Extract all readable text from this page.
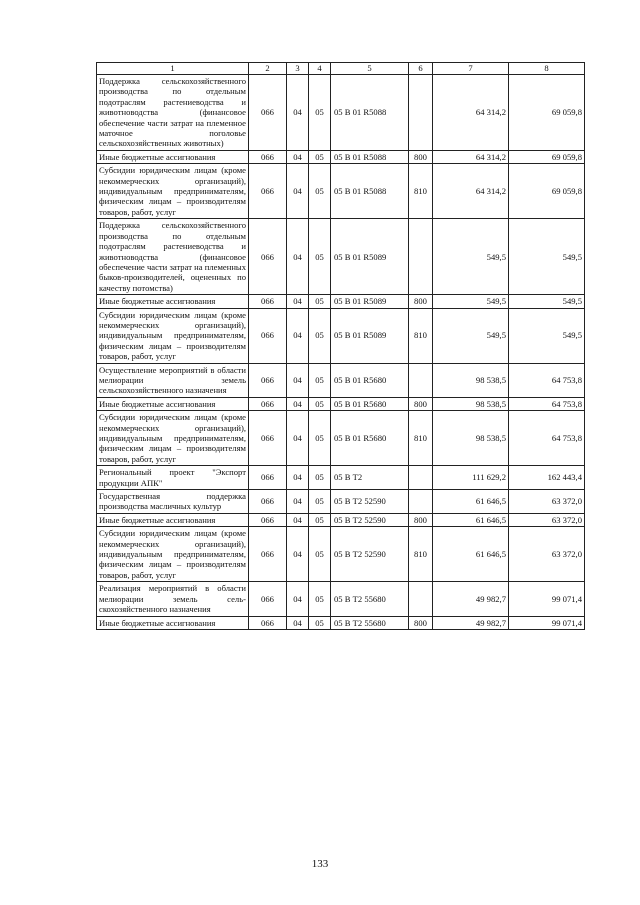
1	2	3	4	5	6	7	8
Поддержка сельскохозяйственного производства по отдельным подотраслям растениеводства и животноводства (финансовое обеспечение части затрат на племенное маточное поголовье сельскохозяйственных животных)	066	04	05	05 В 01 R5088		64 314,2	69 059,8
Иные бюджетные ассигнования	066	04	05	05 В 01 R5088	800	64 314,2	69 059,8
Субсидии юридическим лицам (кроме некоммерческих организаций), индивидуальным предпринимателям, физическим лицам – производителям товаров, работ, услуг	066	04	05	05 В 01 R5088	810	64 314,2	69 059,8
Поддержка сельскохозяйственного производства по отдельным подотраслям растениеводства и животноводства (финансовое обеспечение части затрат на племенных быков-производителей, оцененных по качеству потомства)	066	04	05	05 В 01 R5089		549,5	549,5
Иные бюджетные ассигнования	066	04	05	05 В 01 R5089	800	549,5	549,5
Субсидии юридическим лицам (кроме некоммерческих организаций), индивидуальным предпринимателям, физическим лицам – производителям товаров, работ, услуг	066	04	05	05 В 01 R5089	810	549,5	549,5
Осуществление мероприятий в области мелиорации земель сельскохозяйственного назначения	066	04	05	05 В 01 R5680		98 538,5	64 753,8
Иные бюджетные ассигнования	066	04	05	05 В 01 R5680	800	98 538,5	64 753,8
Субсидии юридическим лицам (кроме некоммерческих организаций), индивидуальным предпринимателям, физическим лицам – производителям товаров, работ, услуг	066	04	05	05 В 01 R5680	810	98 538,5	64 753,8
Региональный проект "Экспорт продукции АПК"	066	04	05	05 В Т2		111 629,2	162 443,4
Государственная поддержка производства масличных культур	066	04	05	05 В Т2 52590		61 646,5	63 372,0
Иные бюджетные ассигнования	066	04	05	05 В Т2 52590	800	61 646,5	63 372,0
Субсидии юридическим лицам (кроме некоммерческих организаций), индивидуальным предпринимателям, физическим лицам – производителям товаров, работ, услуг	066	04	05	05 В Т2 52590	810	61 646,5	63 372,0
Реализация мероприятий в области мелиорации земель сельскохозяйственного назначения	066	04	05	05 В Т2 55680		49 982,7	99 071,4
Иные бюджетные ассигнования	066	04	05	05 В Т2 55680	800	49 982,7	99 071,4
133
